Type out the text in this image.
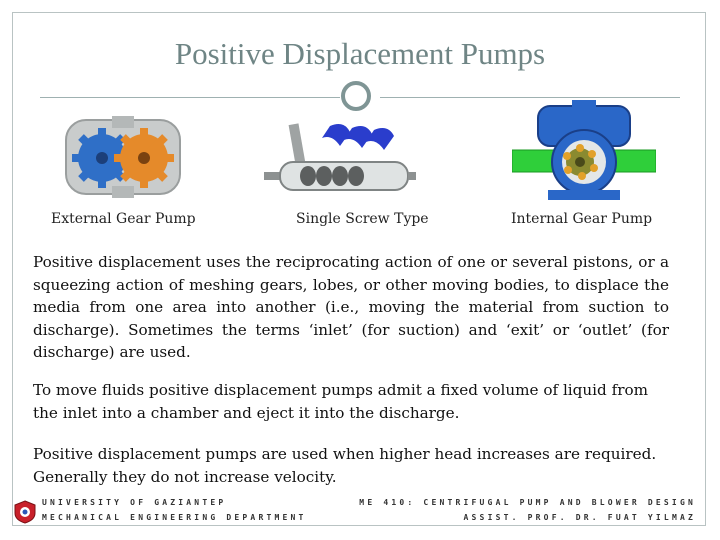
Positive Displacement Pumps
External Gear Pump	Single Screw Type	Internal Gear Pump

Positive displacement uses the reciprocating action of one or several pistons, or a squeezing action of meshing gears, lobes, or other moving bodies, to displace the media from one area into another (i.e., moving the material from suction to discharge). Sometimes the terms ‘inlet’ (for suction) and ‘exit’ or ‘outlet’ (for discharge) are used.

To move fluids positive displacement pumps admit a fixed volume of liquid from the inlet into a chamber and eject it into the discharge.

Positive displacement pumps are used when higher head increases are required. Generally they do not increase velocity.

UNIVERSITY OF GAZIANTEP
MECHANICAL ENGINEERING DEPARTMENT
ME 410: CENTRIFUGAL PUMP AND BLOWER DESIGN
ASSIST. PROF. DR. FUAT YILMAZ
